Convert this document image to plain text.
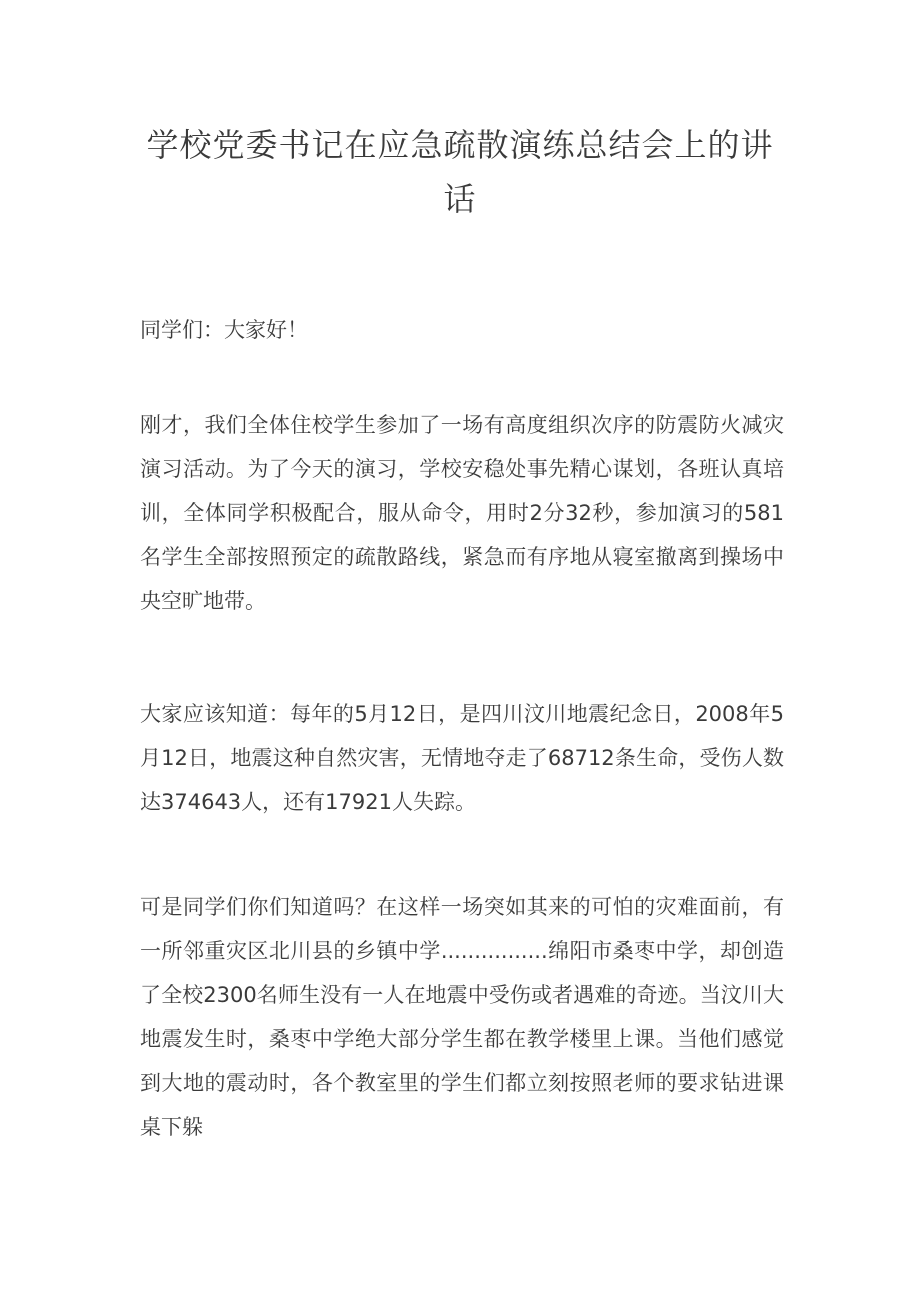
学校党委书记在应急疏散演练总结会上的讲话

同学们：大家好！

刚才，我们全体住校学生参加了一场有高度组织次序的防震防火减灾演习活动。为了今天的演习，学校安稳处事先精心谋划，各班认真培训，全体同学积极配合，服从命令，用时2分32秒，参加演习的581名学生全部按照预定的疏散路线，紧急而有序地从寝室撤离到操场中央空旷地带。

大家应该知道：每年的5月12日，是四川汶川地震纪念日，2008年5月12日，地震这种自然灾害，无情地夺走了68712条生命，受伤人数达374643人，还有17921人失踪。

可是同学们你们知道吗？在这样一场突如其来的可怕的灾难面前，有一所邻重灾区北川县的乡镇中学................绵阳市桑枣中学，却创造了全校2300名师生没有一人在地震中受伤或者遇难的奇迹。当汶川大地震发生时，桑枣中学绝大部分学生都在教学楼里上课。当他们感觉到大地的震动时，各个教室里的学生们都立刻按照老师的要求钻进课桌下躲
